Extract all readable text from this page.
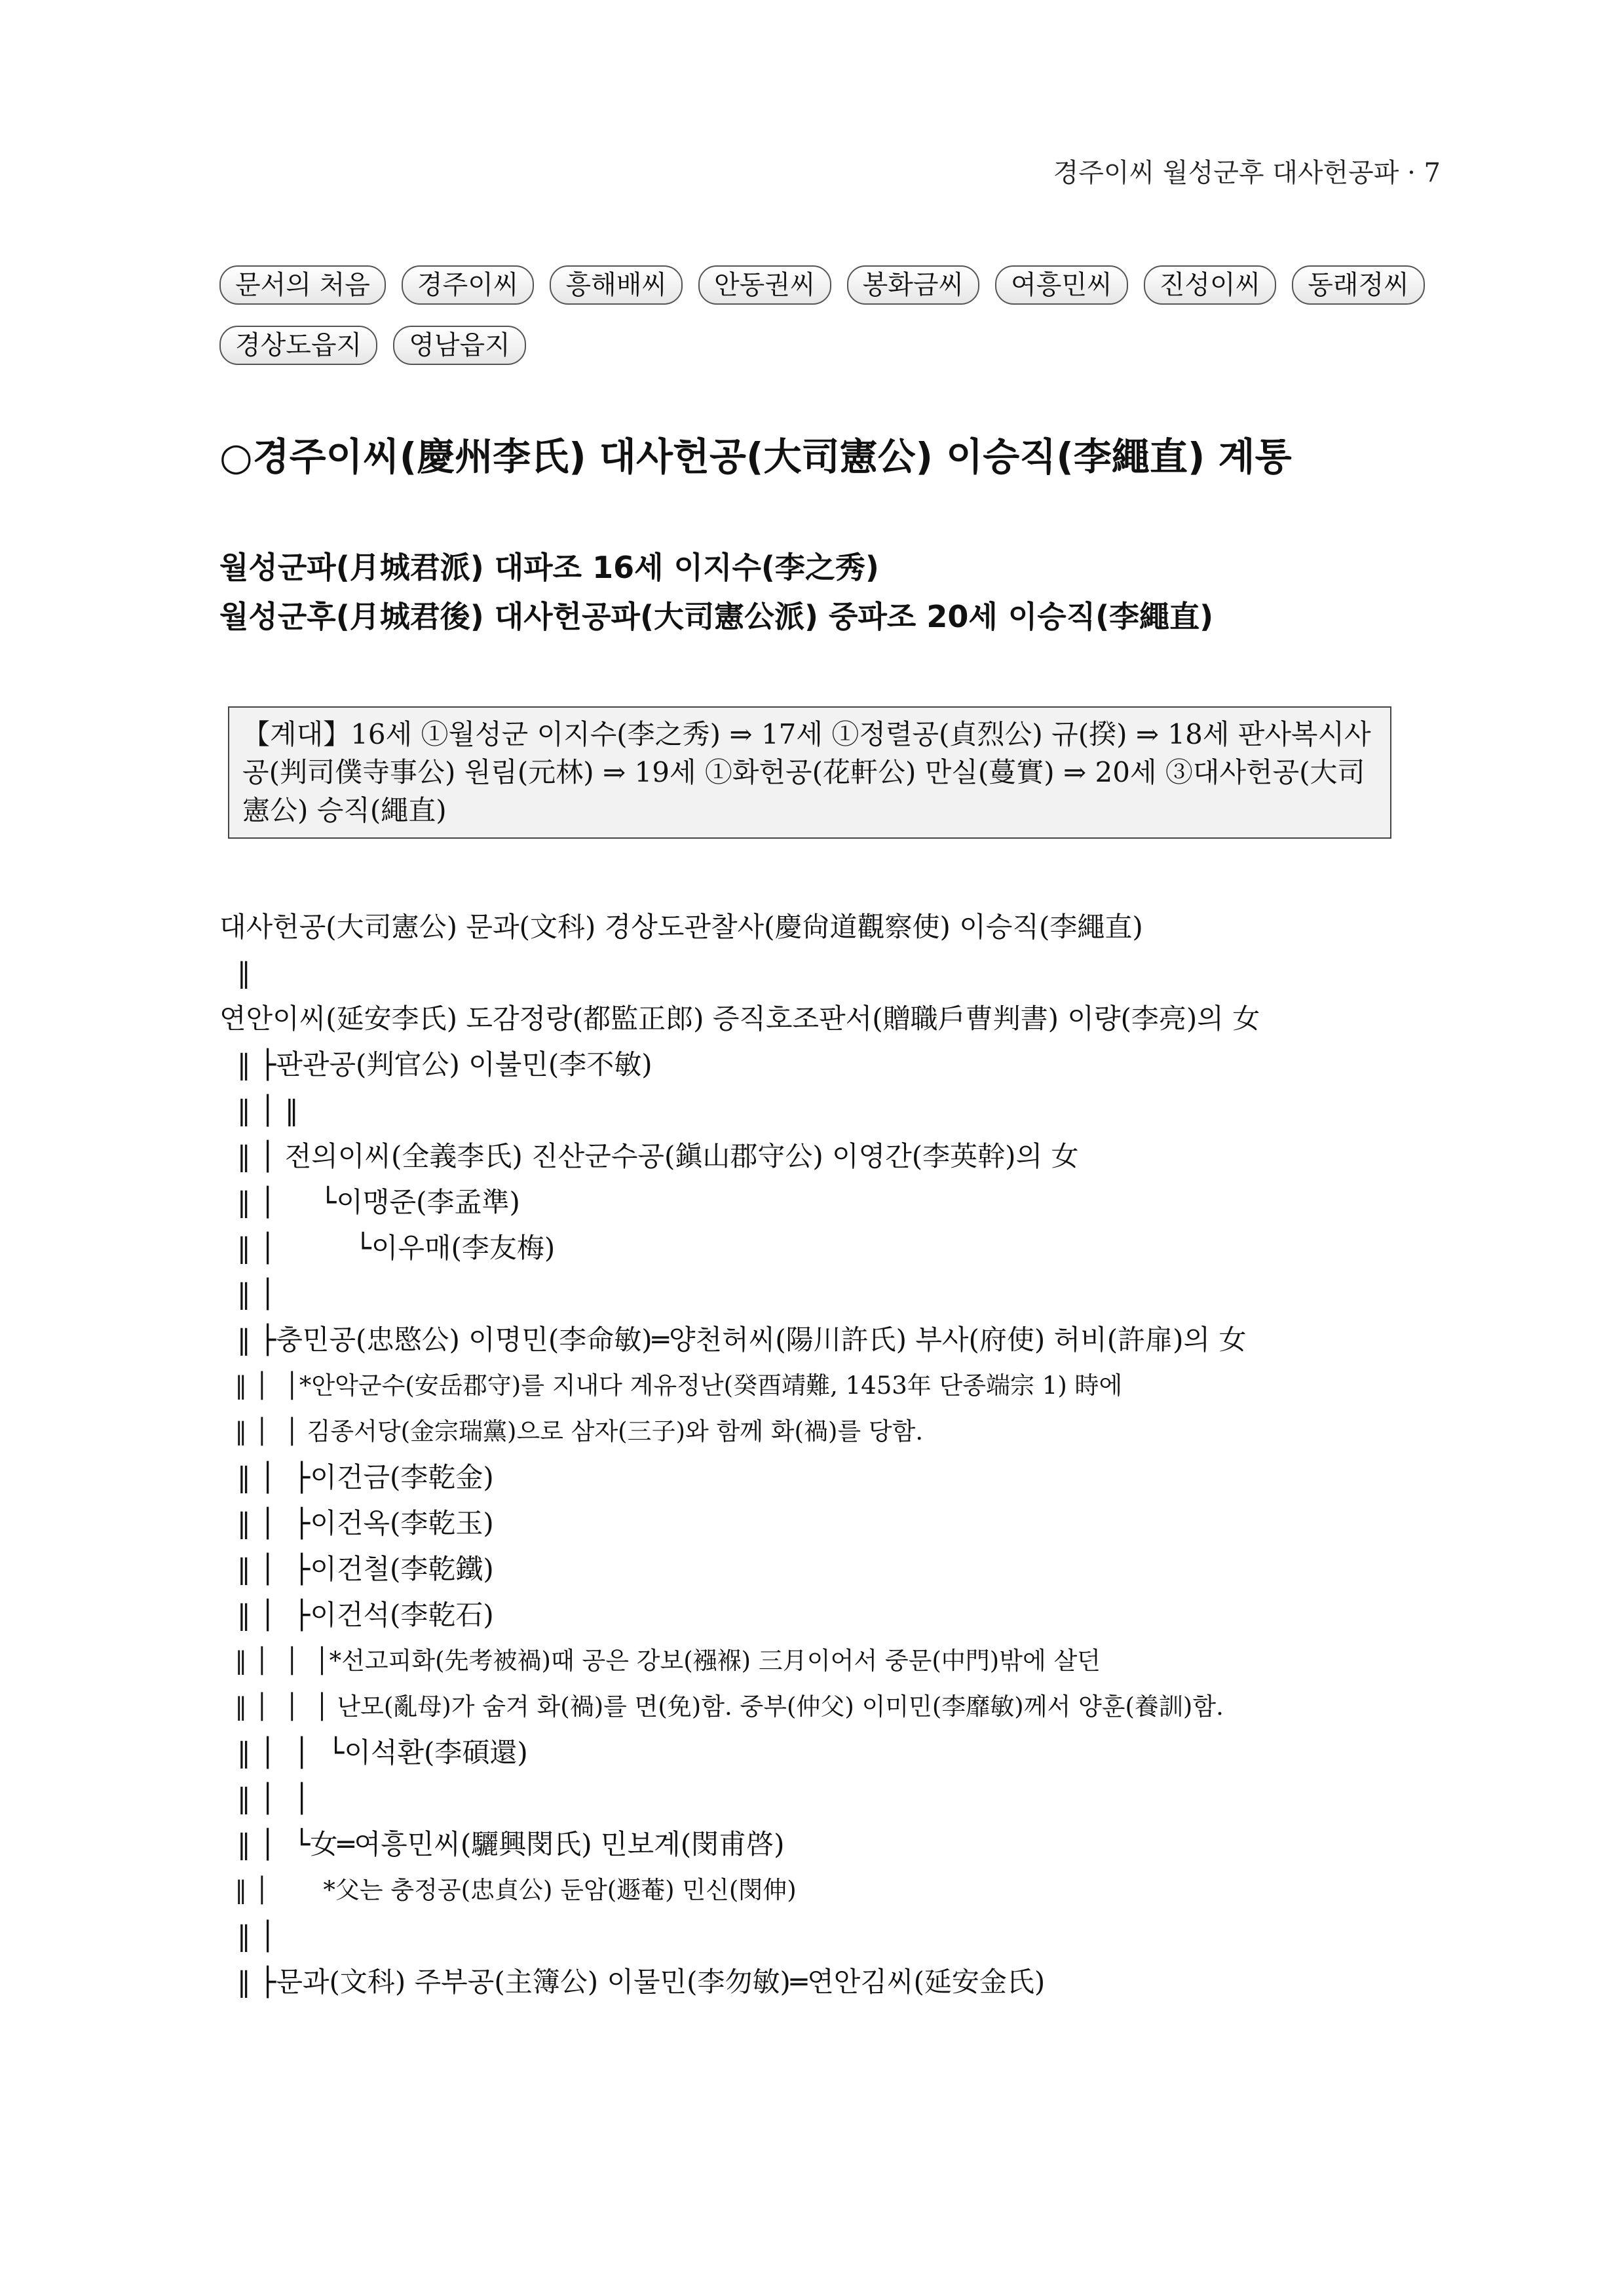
경주이씨 월성군후 대사헌공파 · 7
문서의 처음	경주이씨	흥해배씨	안동권씨	봉화금씨	여흥민씨	진성이씨	동래정씨
경상도읍지	영남읍지
○경주이씨(慶州李氏) 대사헌공(大司憲公) 이승직(李繩直) 계통
월성군파(月城君派) 대파조 16세 이지수(李之秀)
월성군후(月城君後) 대사헌공파(大司憲公派) 중파조 20세 이승직(李繩直)
【계대】16세 ①월성군 이지수(李之秀) ⇒ 17세 ①정렬공(貞烈公) 규(揆) ⇒ 18세 판사복시사공(判司僕寺事公) 원림(元林) ⇒ 19세 ①화헌공(花軒公) 만실(蔓實) ⇒ 20세 ③대사헌공(大司憲公) 승직(繩直)
대사헌공(大司憲公) 문과(文科) 경상도관찰사(慶尙道觀察使) 이승직(李繩直)
‖
연안이씨(延安李氏) 도감정랑(都監正郎) 증직호조판서(贈職戶曹判書) 이량(李亮)의 女
‖ ├판관공(判官公) 이불민(李不敏)
‖ │ ‖
‖ │ 전의이씨(全義李氏) 진산군수공(鎭山郡守公) 이영간(李英幹)의 女
‖ │     └이맹준(李孟準)
‖ │         └이우매(李友梅)
‖ │
‖ ├충민공(忠愍公) 이명민(李命敏)═양천허씨(陽川許氏) 부사(府使) 허비(許扉)의 女
‖ │  │*안악군수(安岳郡守)를 지내다 계유정난(癸酉靖難, 1453年 단종端宗 1) 時에
‖ │  │ 김종서당(金宗瑞黨)으로 삼자(三子)와 함께 화(禍)를 당함.
‖ │  ├이건금(李乾金)
‖ │  ├이건옥(李乾玉)
‖ │  ├이건철(李乾鐵)
‖ │  ├이건석(李乾石)
‖ │  │  │*선고피화(先考被禍)때 공은 강보(襁褓) 三月이어서 중문(中門)밖에 살던
‖ │  │  │ 난모(亂母)가 숨겨 화(禍)를 면(免)함. 중부(仲父) 이미민(李靡敏)께서 양훈(養訓)함.
‖ │  │  └이석환(李碩還)
‖ │  │
‖ │  └女═여흥민씨(驪興閔氏) 민보계(閔甫啓)
‖ │       *父는 충정공(忠貞公) 둔암(遯菴) 민신(閔伸)
‖ │
‖ ├문과(文科) 주부공(主簿公) 이물민(李勿敏)═연안김씨(延安金氏)
